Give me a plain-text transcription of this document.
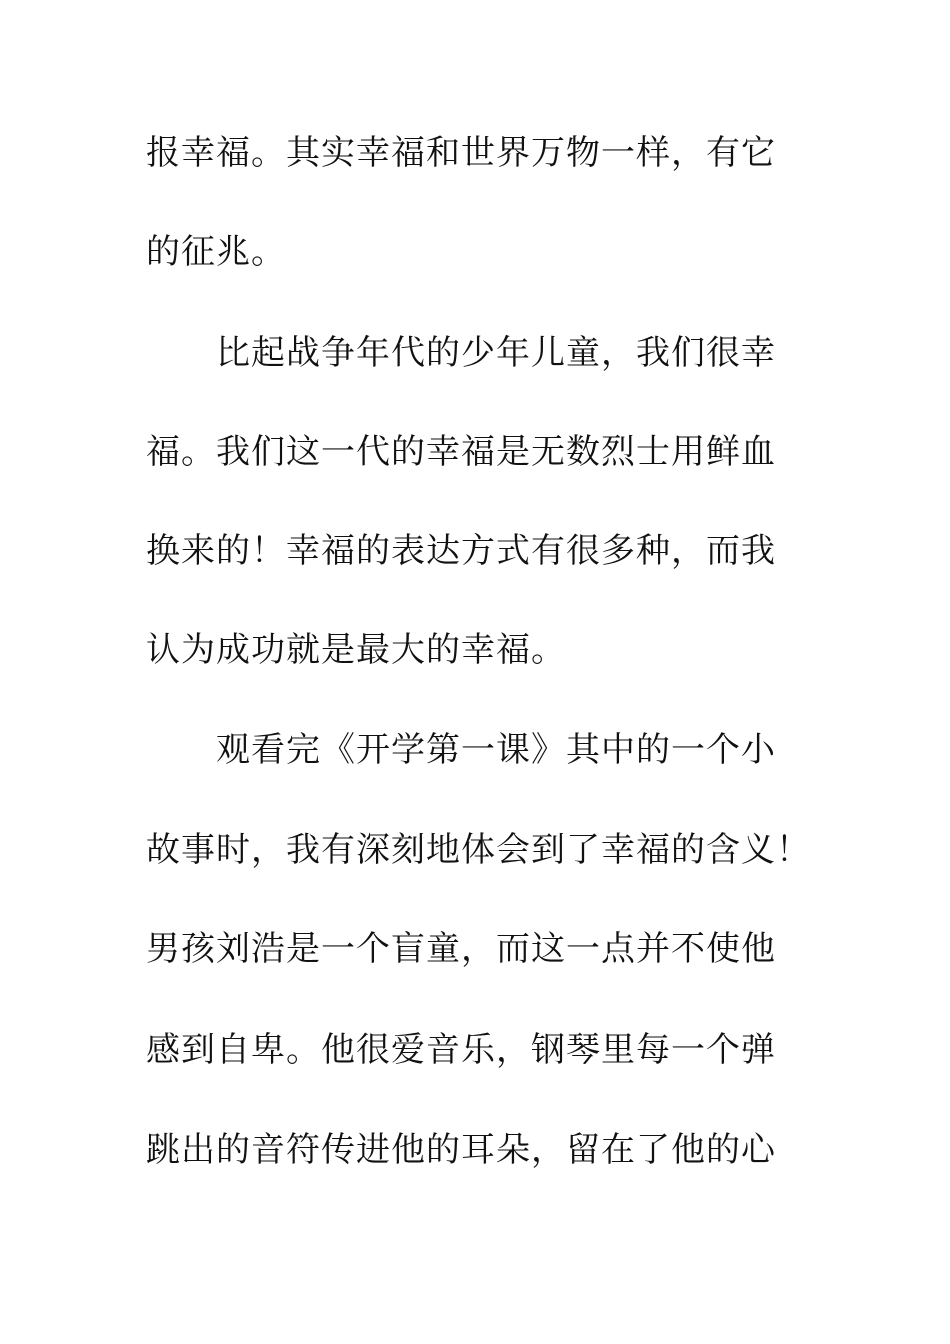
报幸福。其实幸福和世界万物一样，有它
的征兆。
比起战争年代的少年儿童，我们很幸
福。我们这一代的幸福是无数烈士用鲜血
换来的！幸福的表达方式有很多种，而我
认为成功就是最大的幸福。
观看完《开学第一课》其中的一个小
故事时，我有深刻地体会到了幸福的含义！
男孩刘浩是一个盲童，而这一点并不使他
感到自卑。他很爱音乐，钢琴里每一个弹
跳出的音符传进他的耳朵，留在了他的心
